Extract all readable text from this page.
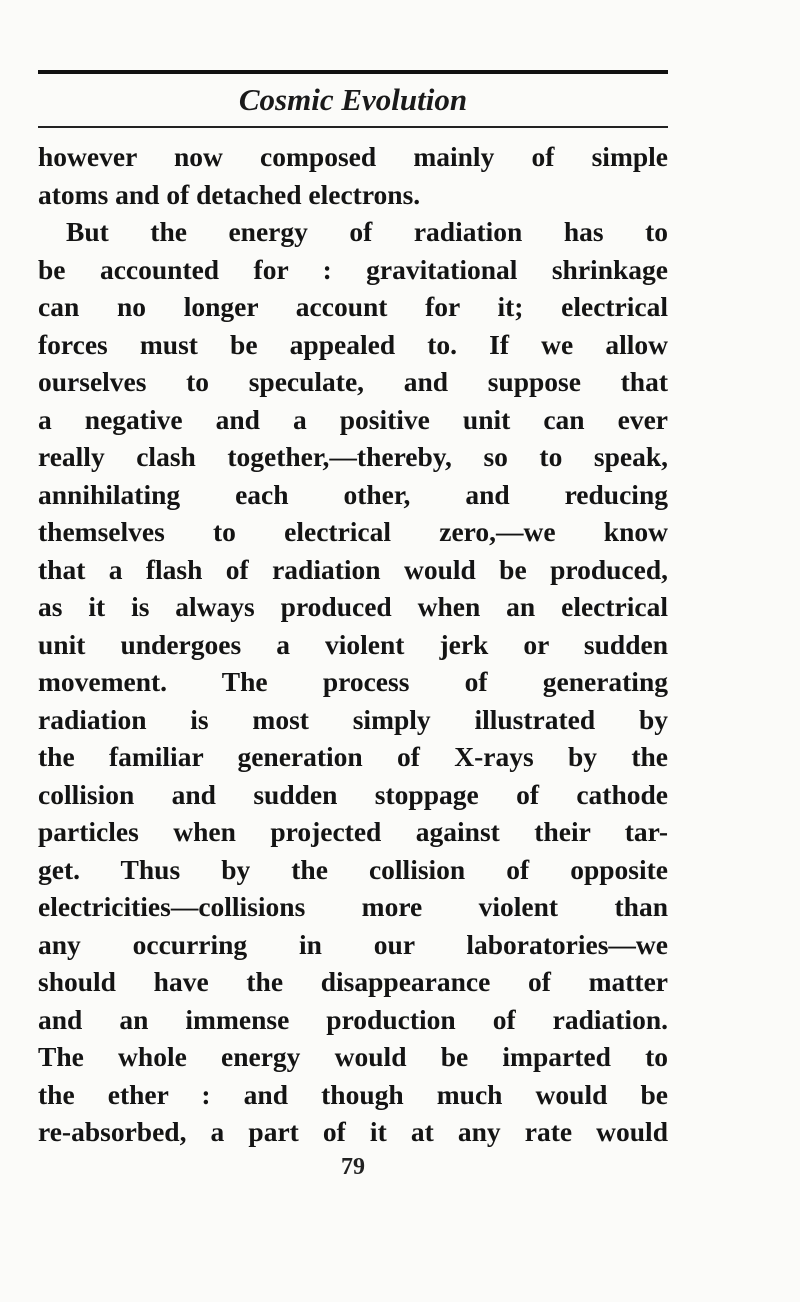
Cosmic Evolution
however now composed mainly of simple
atoms and of detached electrons.
But the energy of radiation has to
be accounted for : gravitational shrinkage
can no longer account for it; electrical
forces must be appealed to. If we allow
ourselves to speculate, and suppose that
a negative and a positive unit can ever
really clash together,—thereby, so to speak,
annihilating each other, and reducing
themselves to electrical zero,—we know
that a flash of radiation would be produced,
as it is always produced when an electrical
unit undergoes a violent jerk or sudden
movement. The process of generating
radiation is most simply illustrated by
the familiar generation of X-rays by the
collision and sudden stoppage of cathode
particles when projected against their tar-
get. Thus by the collision of opposite
electricities—collisions more violent than
any occurring in our laboratories—we
should have the disappearance of matter
and an immense production of radiation.
The whole energy would be imparted to
the ether : and though much would be
re-absorbed, a part of it at any rate would
79
